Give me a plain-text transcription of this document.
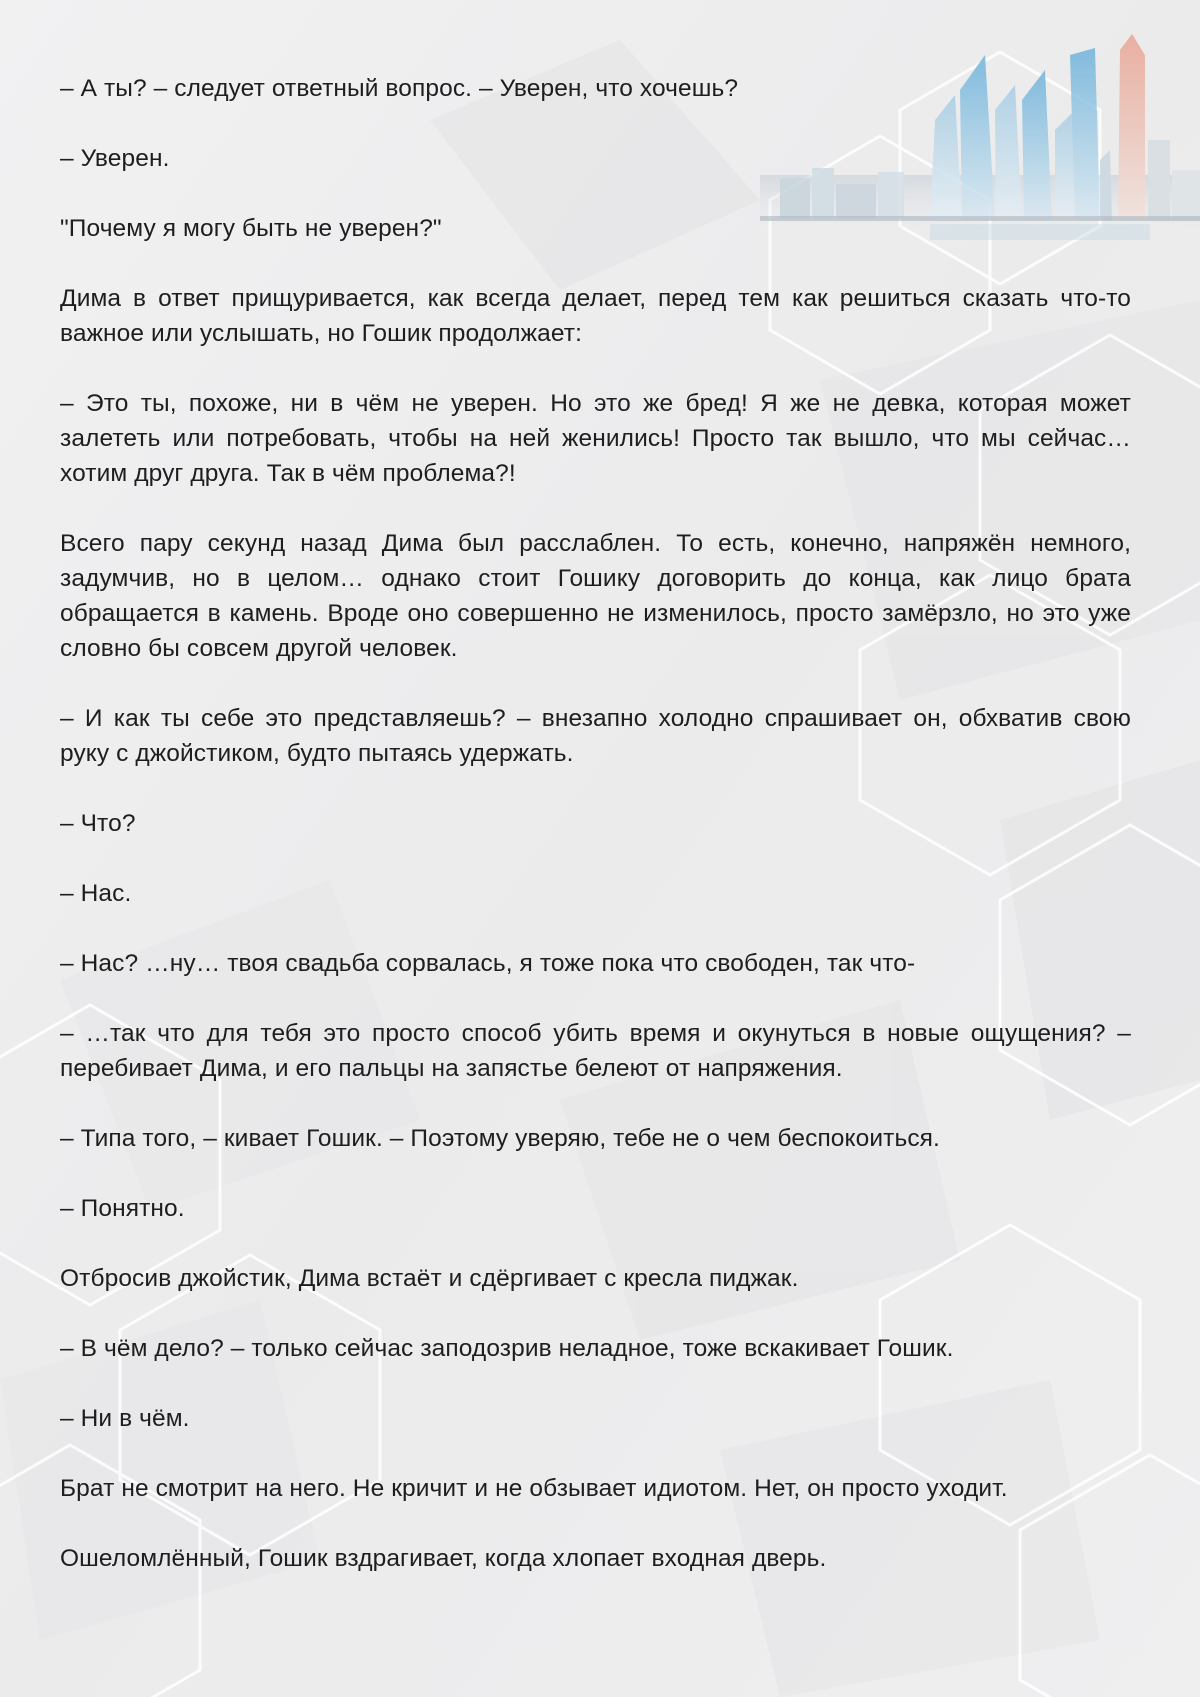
– А ты? – следует ответный вопрос. – Уверен, что хочешь?

– Уверен.

"Почему я могу быть не уверен?"

Дима в ответ прищуривается, как всегда делает, перед тем как решиться сказать что-то важное или услышать, но Гошик продолжает:

– Это ты, похоже, ни в чём не уверен. Но это же бред! Я же не девка, которая может залететь или потребовать, чтобы на ней женились! Просто так вышло, что мы сейчас… хотим друг друга. Так в чём проблема?!

Всего пару секунд назад Дима был расслаблен. То есть, конечно, напряжён немного, задумчив, но в целом… однако стоит Гошику договорить до конца, как лицо брата обращается в камень. Вроде оно совершенно не изменилось, просто замёрзло, но это уже словно бы совсем другой человек.

– И как ты себе это представляешь? – внезапно холодно спрашивает он, обхватив свою руку с джойстиком, будто пытаясь удержать.

– Что?

– Нас.

– Нас? …ну… твоя свадьба сорвалась, я тоже пока что свободен, так что-

– …так что для тебя это просто способ убить время и окунуться в новые ощущения? – перебивает Дима, и его пальцы на запястье белеют от напряжения.

– Типа того, – кивает Гошик. – Поэтому уверяю, тебе не о чем беспокоиться.

– Понятно.

Отбросив джойстик, Дима встаёт и сдёргивает с кресла пиджак.

– В чём дело? – только сейчас заподозрив неладное, тоже вскакивает Гошик.

– Ни в чём.

Брат не смотрит на него. Не кричит и не обзывает идиотом. Нет, он просто уходит.

Ошеломлённый, Гошик вздрагивает, когда хлопает входная дверь.
